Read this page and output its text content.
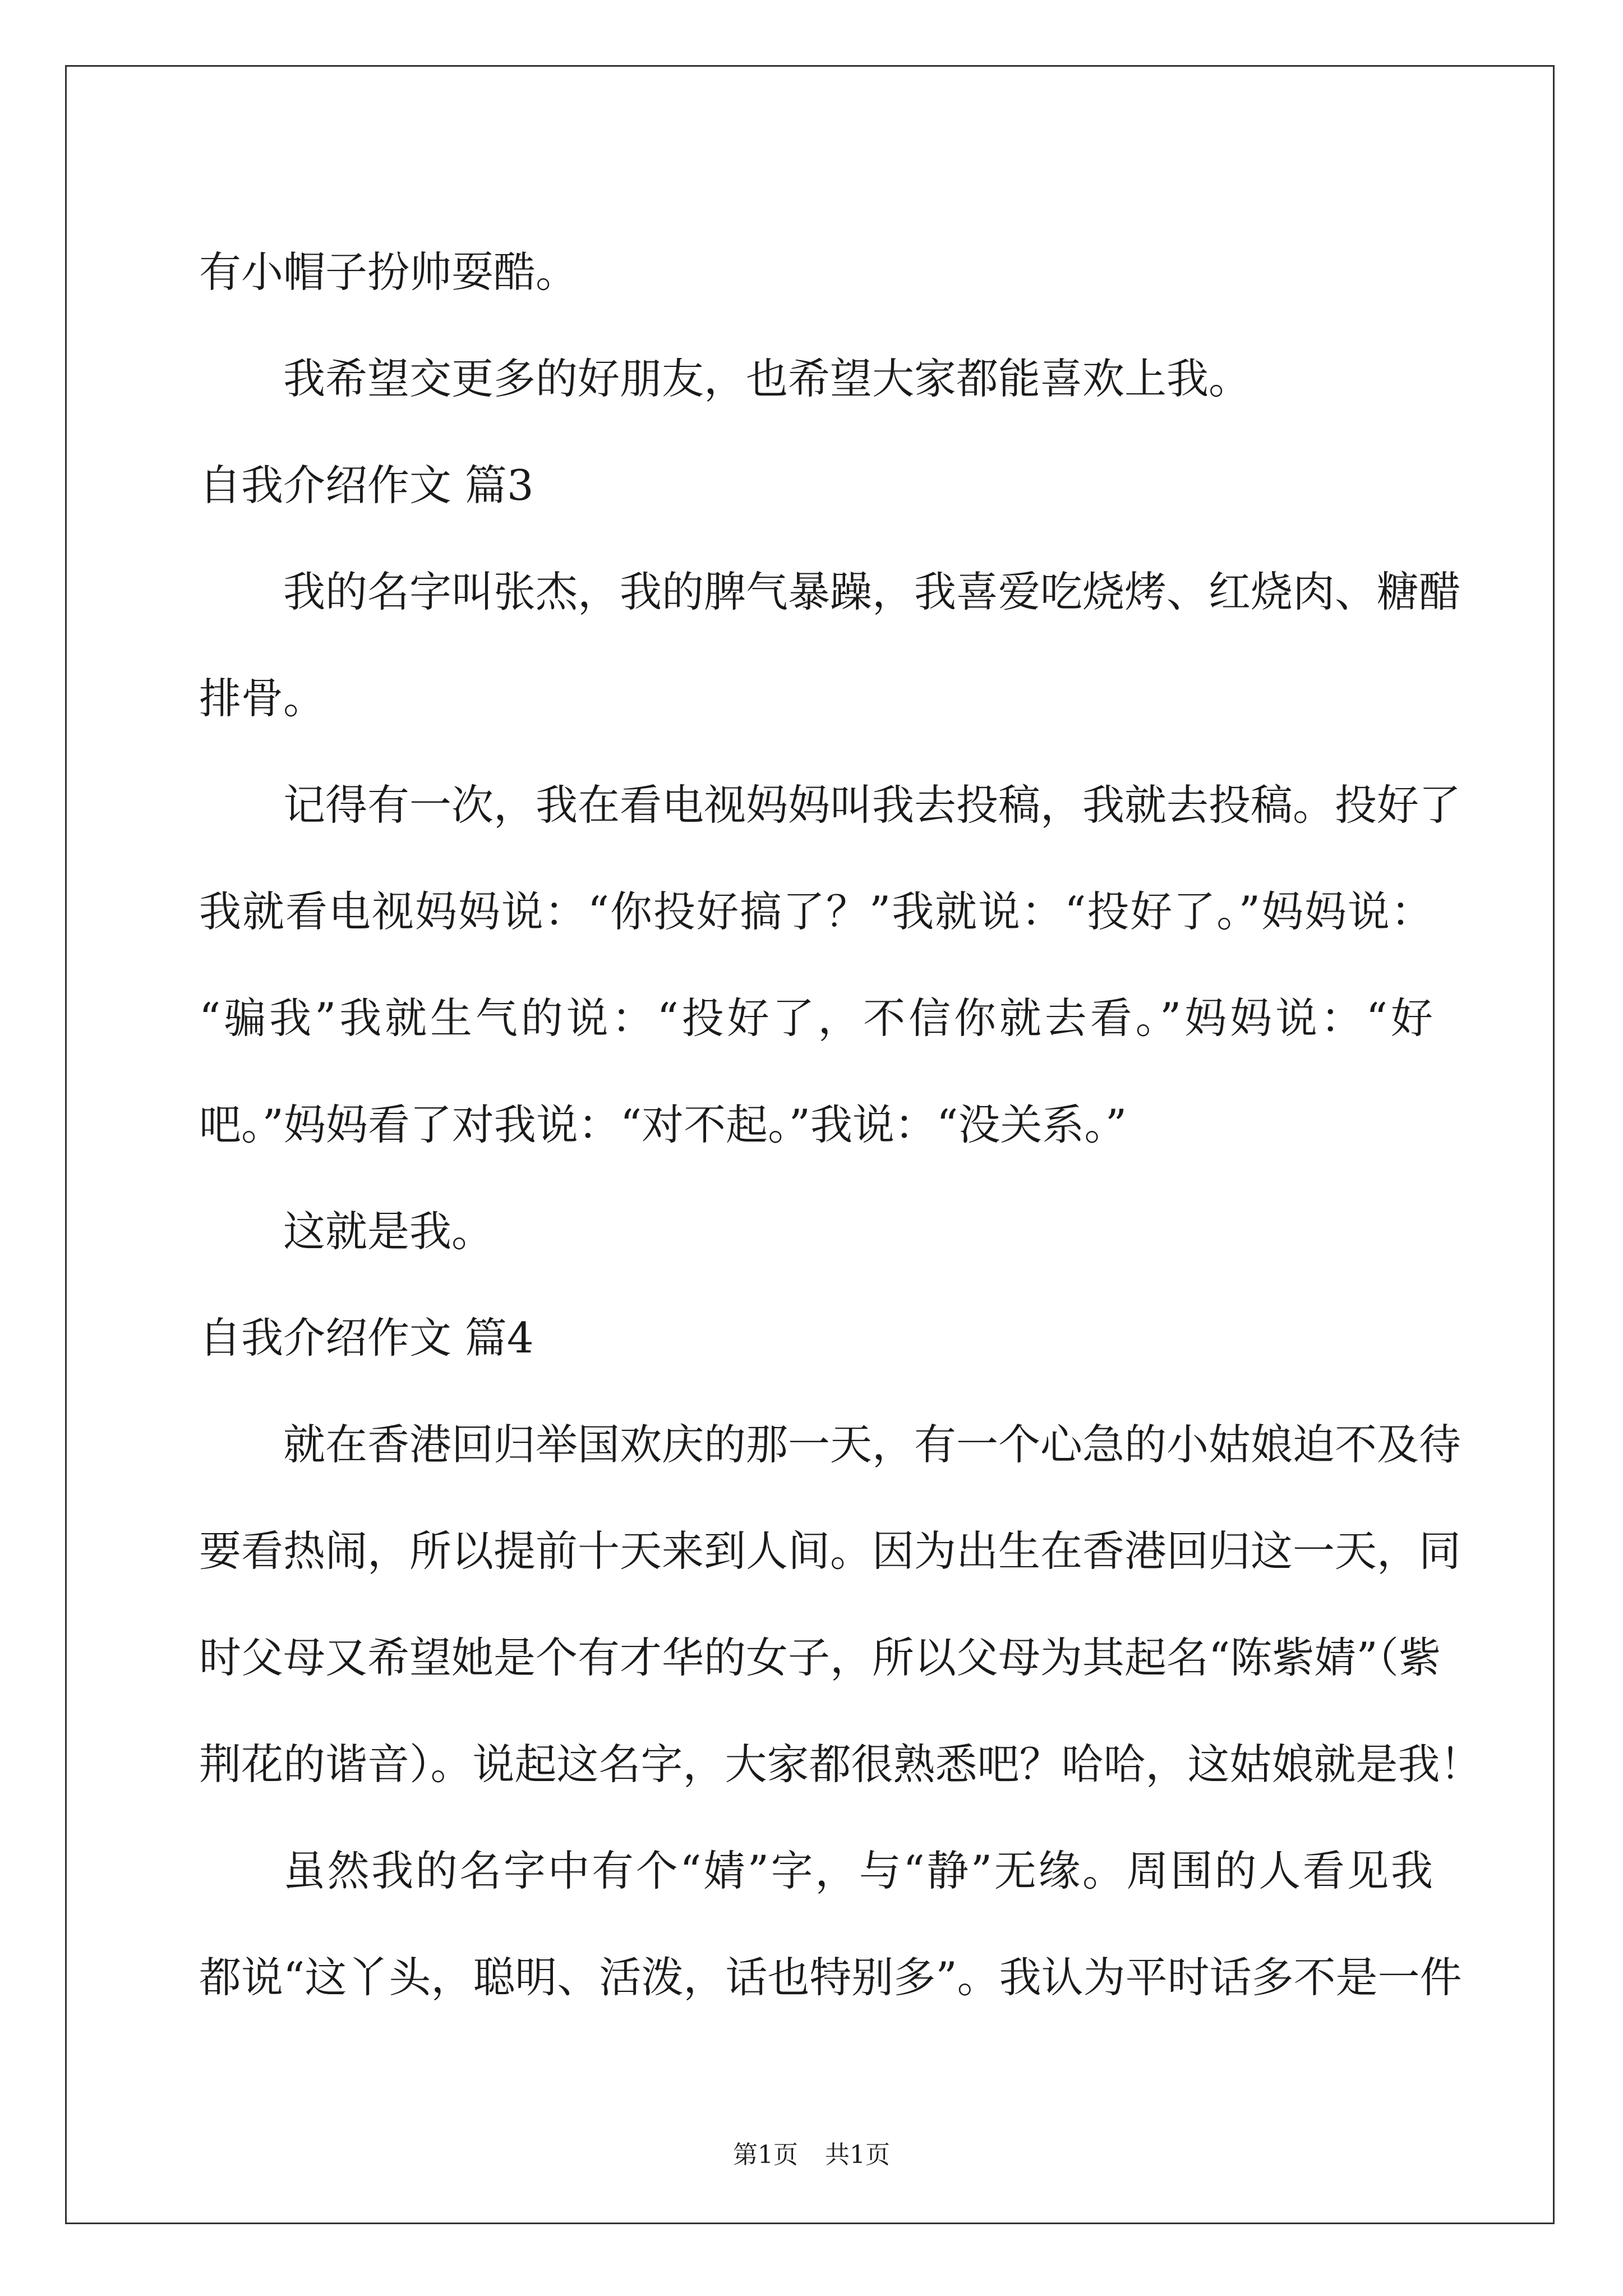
有小帽子扮帅耍酷。
我希望交更多的好朋友，也希望大家都能喜欢上我。
自我介绍作文 篇3
我的名字叫张杰，我的脾气暴躁，我喜爱吃烧烤、红烧肉、糖醋
排骨。
记得有一次，我在看电视妈妈叫我去投稿，我就去投稿。投好了
我就看电视妈妈说：“你投好搞了？”我就说：“投好了。”妈妈说：
“骗我”我就生气的说：“投好了，不信你就去看。”妈妈说：“好
吧。”妈妈看了对我说：“对不起。”我说：“没关系。”
这就是我。
自我介绍作文 篇4
就在香港回归举国欢庆的那一天，有一个心急的小姑娘迫不及待
要看热闹，所以提前十天来到人间。因为出生在香港回归这一天，同
时父母又希望她是个有才华的女子，所以父母为其起名“陈紫婧”（紫
荆花的谐音）。说起这名字，大家都很熟悉吧？哈哈，这姑娘就是我！
虽然我的名字中有个“婧”字，与“静”无缘。周围的人看见我
都说“这丫头，聪明、活泼，话也特别多”。我认为平时话多不是一件
第1页 共1页
